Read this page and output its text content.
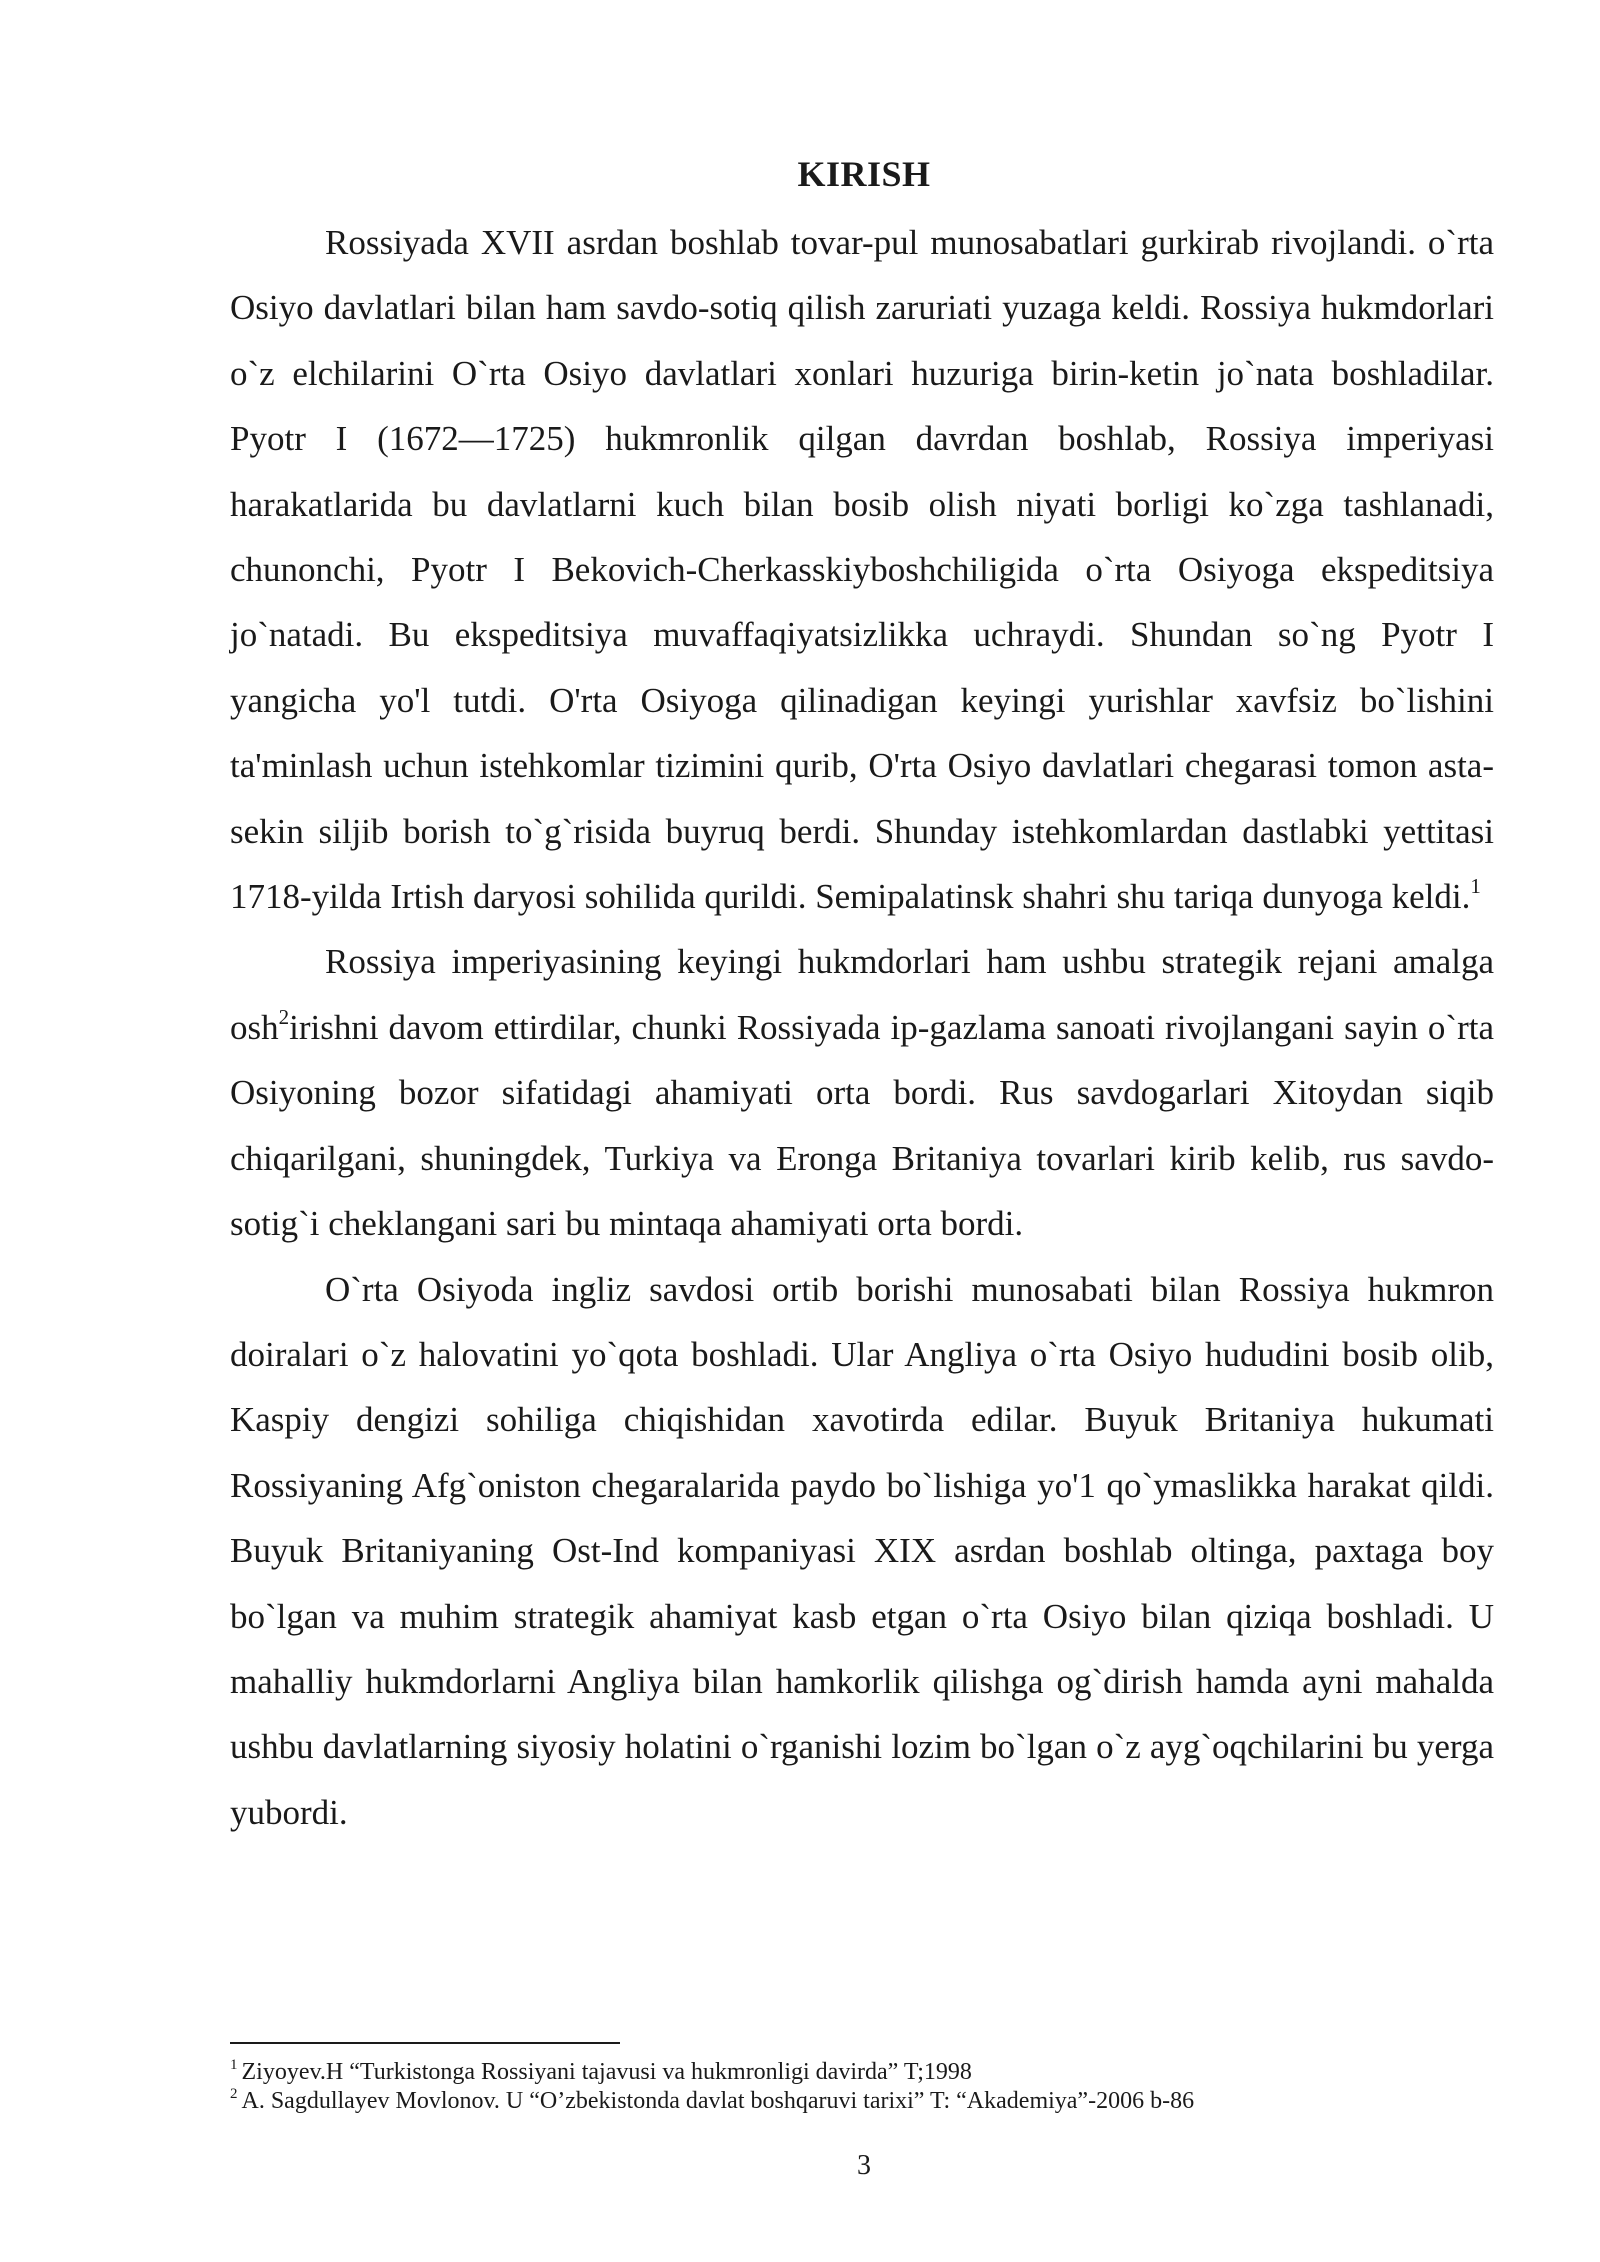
KIRISH

Rossiyada XVII asrdan boshlab tovar-pul munosabatlari gurkirab rivojlandi. o`rta Osiyo davlatlari bilan ham savdo-sotiq qilish zaruriati yuzaga keldi. Rossiya hukmdorlari o`z elchilarini O`rta Osiyo davlatlari xonlari huzuriga birin-ketin jo`nata boshladilar. Pyotr I (1672—1725) hukmronlik qilgan davrdan boshlab, Rossiya imperiyasi harakatlarida bu davlatlarni kuch bilan bosib olish niyati borligi ko`zga tashlanadi, chunonchi, Pyotr I Bekovich-Cherkasskiyboshchiligida o`rta Osiyoga ekspeditsiya jo`natadi. Bu ekspeditsiya muvaffaqiyatsizlikka uchraydi. Shundan so`ng Pyotr I yangicha yo'l tutdi. O'rta Osiyoga qilinadigan keyingi yurishlar xavfsiz bo`lishini ta'minlash uchun istehkomlar tizimini qurib, O'rta Osiyo davlatlari chegarasi tomon asta-sekin siljib borish to`g`risida buyruq berdi. Shunday istehkomlardan dastlabki yettitasi 1718-yilda Irtish daryosi sohilida qurildi. Semipalatinsk shahri shu tariqa dunyoga keldi.$^1$

Rossiya imperiyasining keyingi hukmdorlari ham ushbu strategik rejani amalga osh$^2$irishni davom ettirdilar, chunki Rossiyada ip-gazlama sanoati rivojlangani sayin o`rta Osiyoning bozor sifatidagi ahamiyati orta bordi. Rus savdogarlari Xitoydan siqib chiqarilgani, shuningdek, Turkiya va Eronga Britaniya tovarlari kirib kelib, rus savdo-sotig`i cheklangani sari bu mintaqa ahamiyati orta bordi.

O`rta Osiyoda ingliz savdosi ortib borishi munosabati bilan Rossiya hukmron doiralari o`z halovatini yo`qota boshladi. Ular Angliya o`rta Osiyo hududini bosib olib, Kaspiy dengizi sohiliga chiqishidan xavotirda edilar. Buyuk Britaniya hukumati Rossiyaning Afg`oniston chegaralarida paydo bo`lishiga yo'1 qo`ymaslikka harakat qildi. Buyuk Britaniyaning Ost-Ind kompaniyasi XIX asrdan boshlab oltinga, paxtaga boy bo`lgan va muhim strategik ahamiyat kasb etgan o`rta Osiyo bilan qiziqa boshladi. U mahalliy hukmdorlarni Angliya bilan hamkorlik qilishga og`dirish hamda ayni mahalda ushbu davlatlarning siyosiy holatini o`rganishi lozim bo`lgan o`z ayg`oqchilarini bu yerga yubordi.

$^1$ Ziyoyev.H “Turkistonga Rossiyani tajavusi va hukmronligi davirda” T;1998

$^2$ A. Sagdullayev Movlonov. U “O’zbekistonda davlat boshqaruvi tarixi” T: “Akademiya”-2006 b-86

3
